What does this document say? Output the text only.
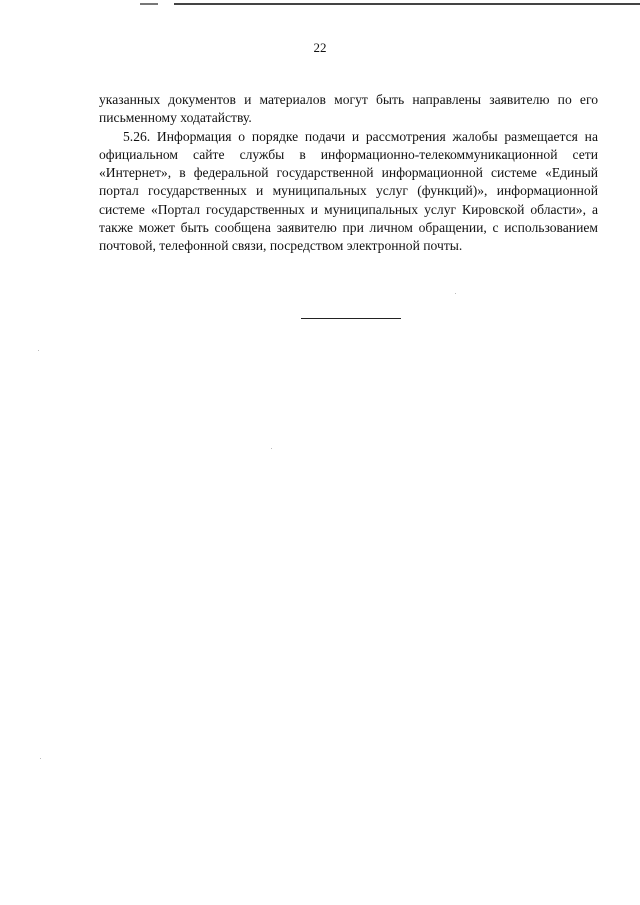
22

указанных документов и материалов могут быть направлены заявителю по его письменному ходатайству.

5.26. Информация о порядке подачи и рассмотрения жалобы размещается на официальном сайте службы в информационно-телекоммуникационной сети «Интернет», в федеральной государственной информационной системе «Единый портал государственных и муниципальных услуг (функций)», информационной системе «Портал государственных и муниципальных услуг Кировской области», а также может быть сообщена заявителю при личном обращении, с использованием почтовой, телефонной связи, посредством электронной почты.
